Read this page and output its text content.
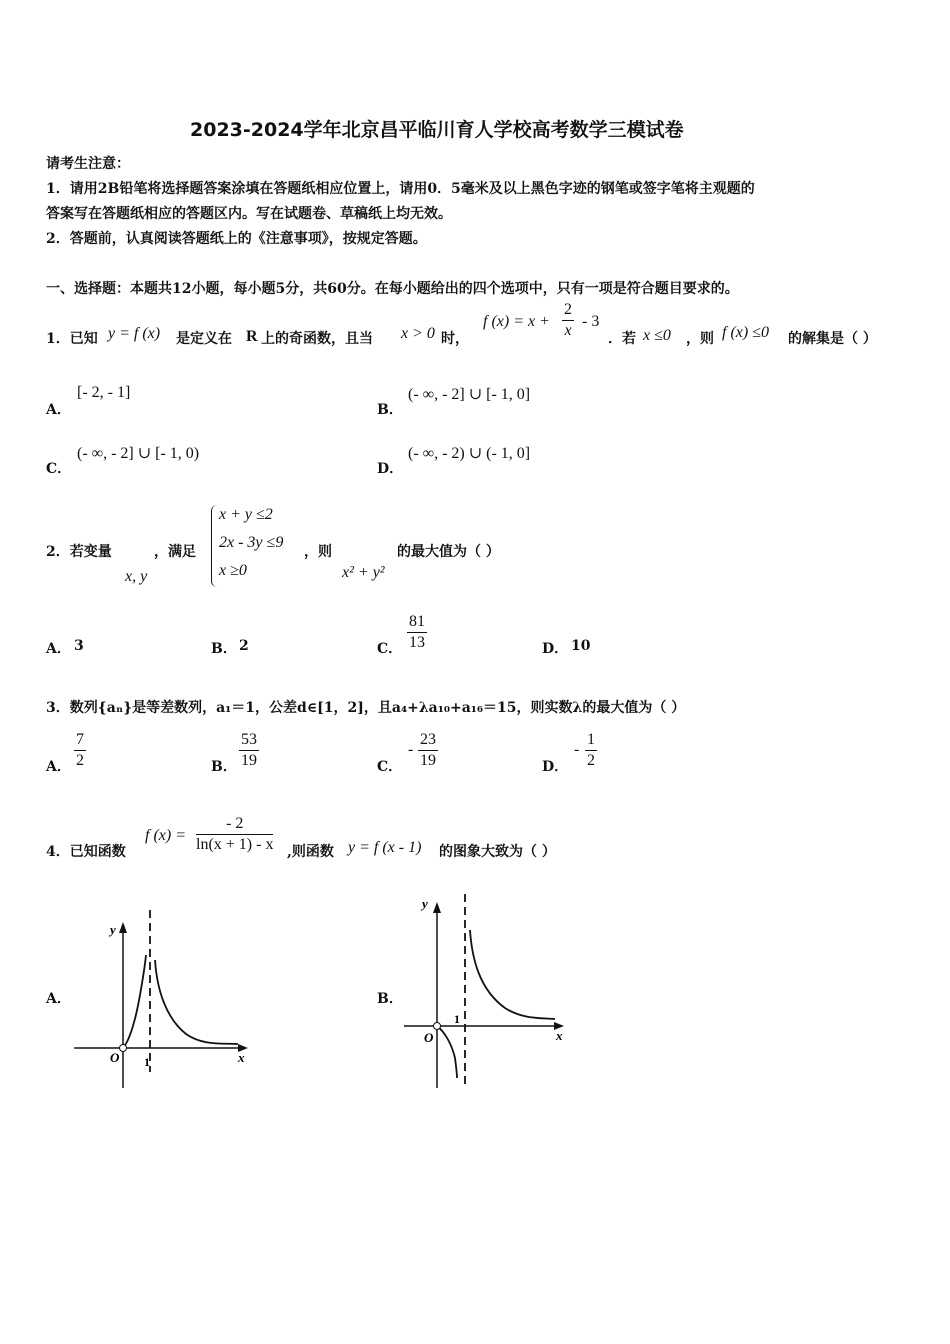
2023-2024学年北京昌平临川育人学校高考数学三模试卷
请考生注意：
1．请用2B铅笔将选择题答案涂填在答题纸相应位置上，请用0．5毫米及以上黑色字迹的钢笔或签字笔将主观题的
答案写在答题纸相应的答题区内。写在试题卷、草稿纸上均无效。
2．答题前，认真阅读答题纸上的《注意事项》，按规定答题。
一、选择题：本题共12小题，每小题5分，共60分。在每小题给出的四个选项中，只有一项是符合题目要求的。
1．已知 y = f (x) 是定义在 R 上的奇函数，且当 x > 0 时，
f $(x) = x + \frac{2}{x} - 3$
．若 x ≤0 ，则 f (x) ≤0 的解集是（ ）
A．
[- 2, - 1]
B．
(- ∞, - 2] ∪ [- 1, 0]
C．
(- ∞, - 2] ∪ [- 1, 0)
D．
(- ∞, - 2) ∪ (- 1, 0]
2．若变量
x, y
，满足
x + y ≤2
2x - 3y ≤9
x ≥0
，则
x² + y²
的最大值为（ ）
A． 3	B． 2	C． $\frac{81}{13}$	D． 10
3．数列{aₙ}是等差数列，a₁＝1，公差d∈[1，2]，且a₄+λa₁₀+a₁₆＝15，则实数λ的最大值为（ ）
A． $\frac{7}{2}$	B． $\frac{53}{19}$	C．
- $\frac{23}{19}$	D．
- $\frac{1}{2}$
4．已知函数
f $(x) = \frac{- 2}{\ln(x + 1) - x}$ ,则函数 y = f (x - 1) 的图象大致为（ ）
A．
y
x
O 1
B．
y
x
O
1
